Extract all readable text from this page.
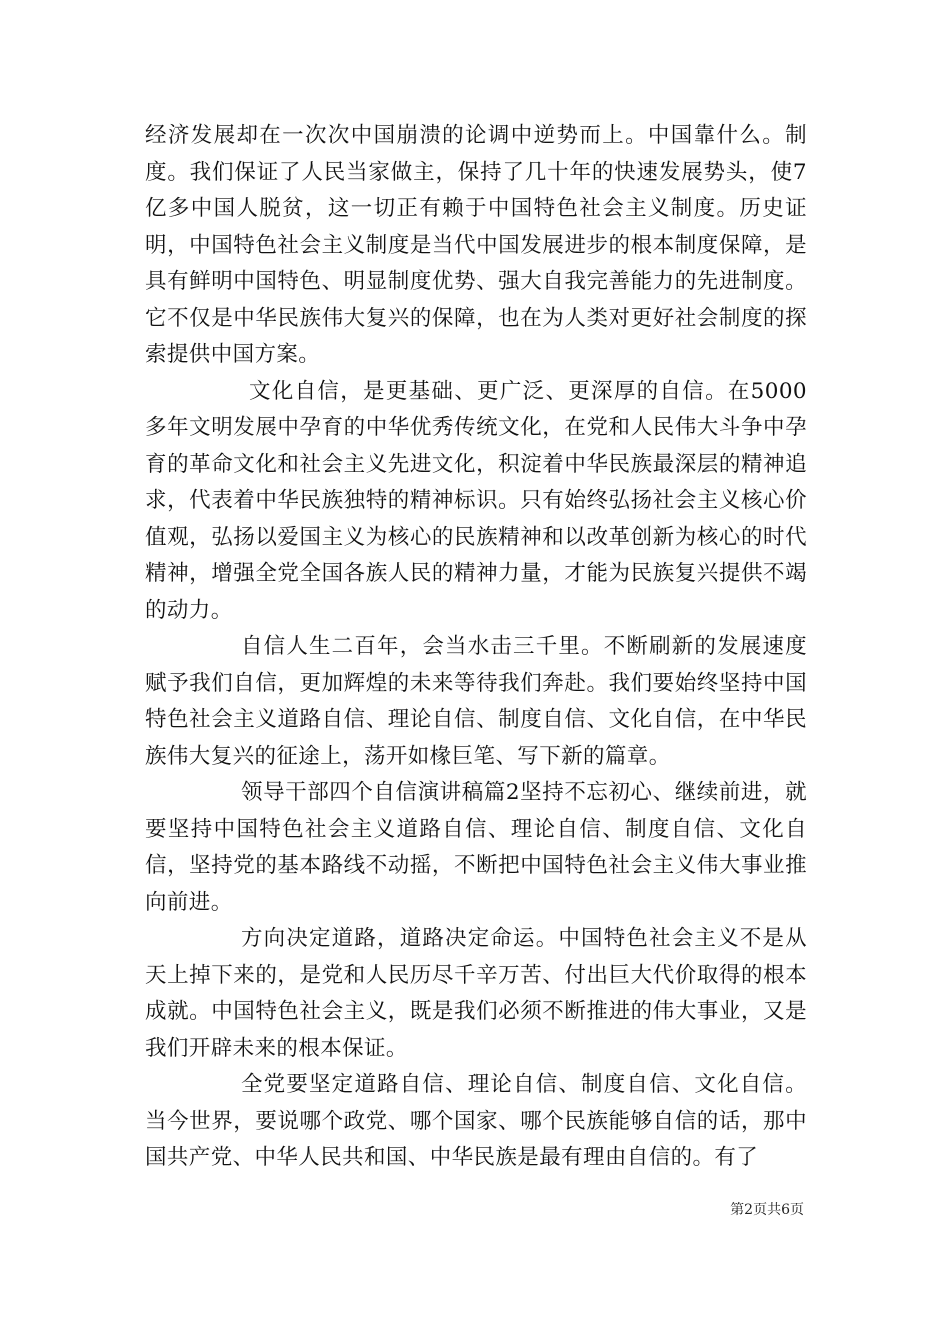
经济发展却在一次次中国崩溃的论调中逆势而上。中国靠什么。制度。我们保证了人民当家做主，保持了几十年的快速发展势头，使7亿多中国人脱贫，这一切正有赖于中国特色社会主义制度。历史证明，中国特色社会主义制度是当代中国发展进步的根本制度保障，是具有鲜明中国特色、明显制度优势、强大自我完善能力的先进制度。它不仅是中华民族伟大复兴的保障，也在为人类对更好社会制度的探索提供中国方案。

文化自信，是更基础、更广泛、更深厚的自信。在5000多年文明发展中孕育的中华优秀传统文化，在党和人民伟大斗争中孕育的革命文化和社会主义先进文化，积淀着中华民族最深层的精神追求，代表着中华民族独特的精神标识。只有始终弘扬社会主义核心价值观，弘扬以爱国主义为核心的民族精神和以改革创新为核心的时代精神，增强全党全国各族人民的精神力量，才能为民族复兴提供不竭的动力。

自信人生二百年，会当水击三千里。不断刷新的发展速度赋予我们自信，更加辉煌的未来等待我们奔赴。我们要始终坚持中国特色社会主义道路自信、理论自信、制度自信、文化自信，在中华民族伟大复兴的征途上，荡开如椽巨笔、写下新的篇章。

领导干部四个自信演讲稿篇2坚持不忘初心、继续前进，就要坚持中国特色社会主义道路自信、理论自信、制度自信、文化自信，坚持党的基本路线不动摇，不断把中国特色社会主义伟大事业推向前进。

方向决定道路，道路决定命运。中国特色社会主义不是从天上掉下来的，是党和人民历尽千辛万苦、付出巨大代价取得的根本成就。中国特色社会主义，既是我们必须不断推进的伟大事业，又是我们开辟未来的根本保证。

全党要坚定道路自信、理论自信、制度自信、文化自信。当今世界，要说哪个政党、哪个国家、哪个民族能够自信的话，那中国共产党、中华人民共和国、中华民族是最有理由自信的。有了

第2页共6页
